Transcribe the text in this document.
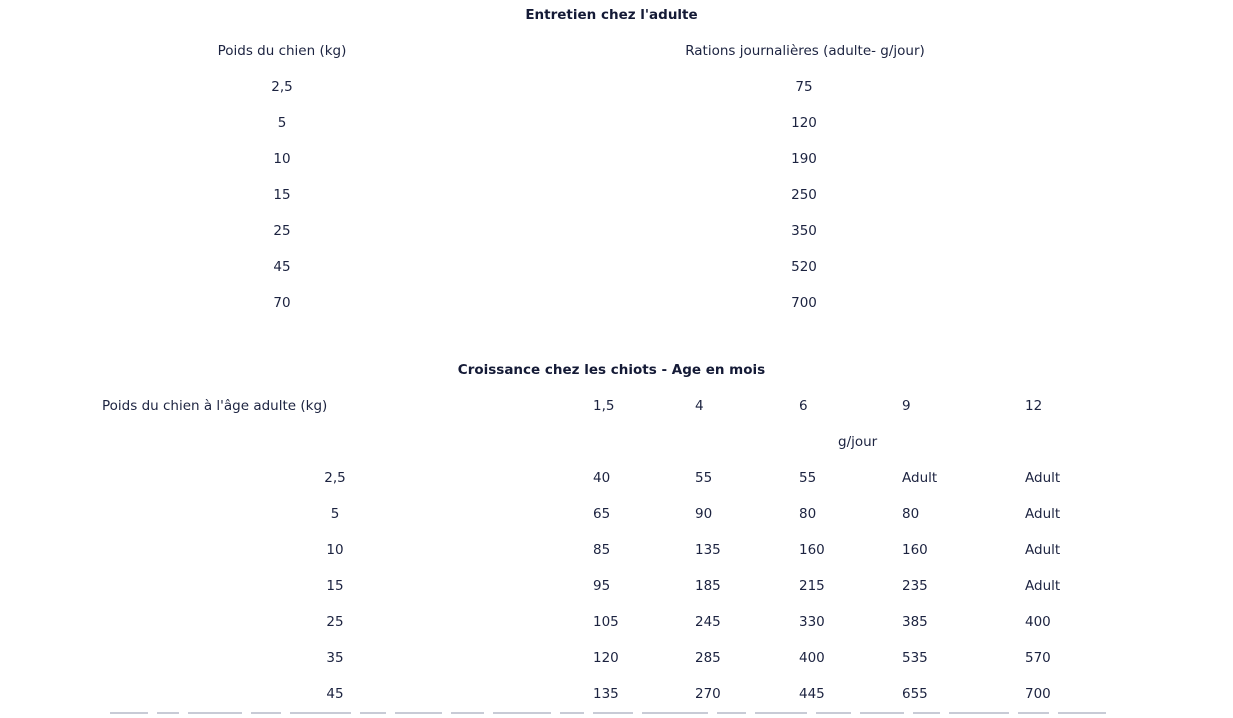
Entretien chez l'adulte
Poids du chien (kg)	Rations journalières (adulte- g/jour)
2,5	75
5	120
10	190
15	250
25	350
45	520
70	700
Croissance chez les chiots - Age en mois
Poids du chien à l'âge adulte (kg)	1,5	4	6	9	12
g/jour
2,5	40	55	55	Adult	Adult
5	65	90	80	80	Adult
10	85	135	160	160	Adult
15	95	185	215	235	Adult
25	105	245	330	385	400
35	120	285	400	535	570
45	135	270	445	655	700
